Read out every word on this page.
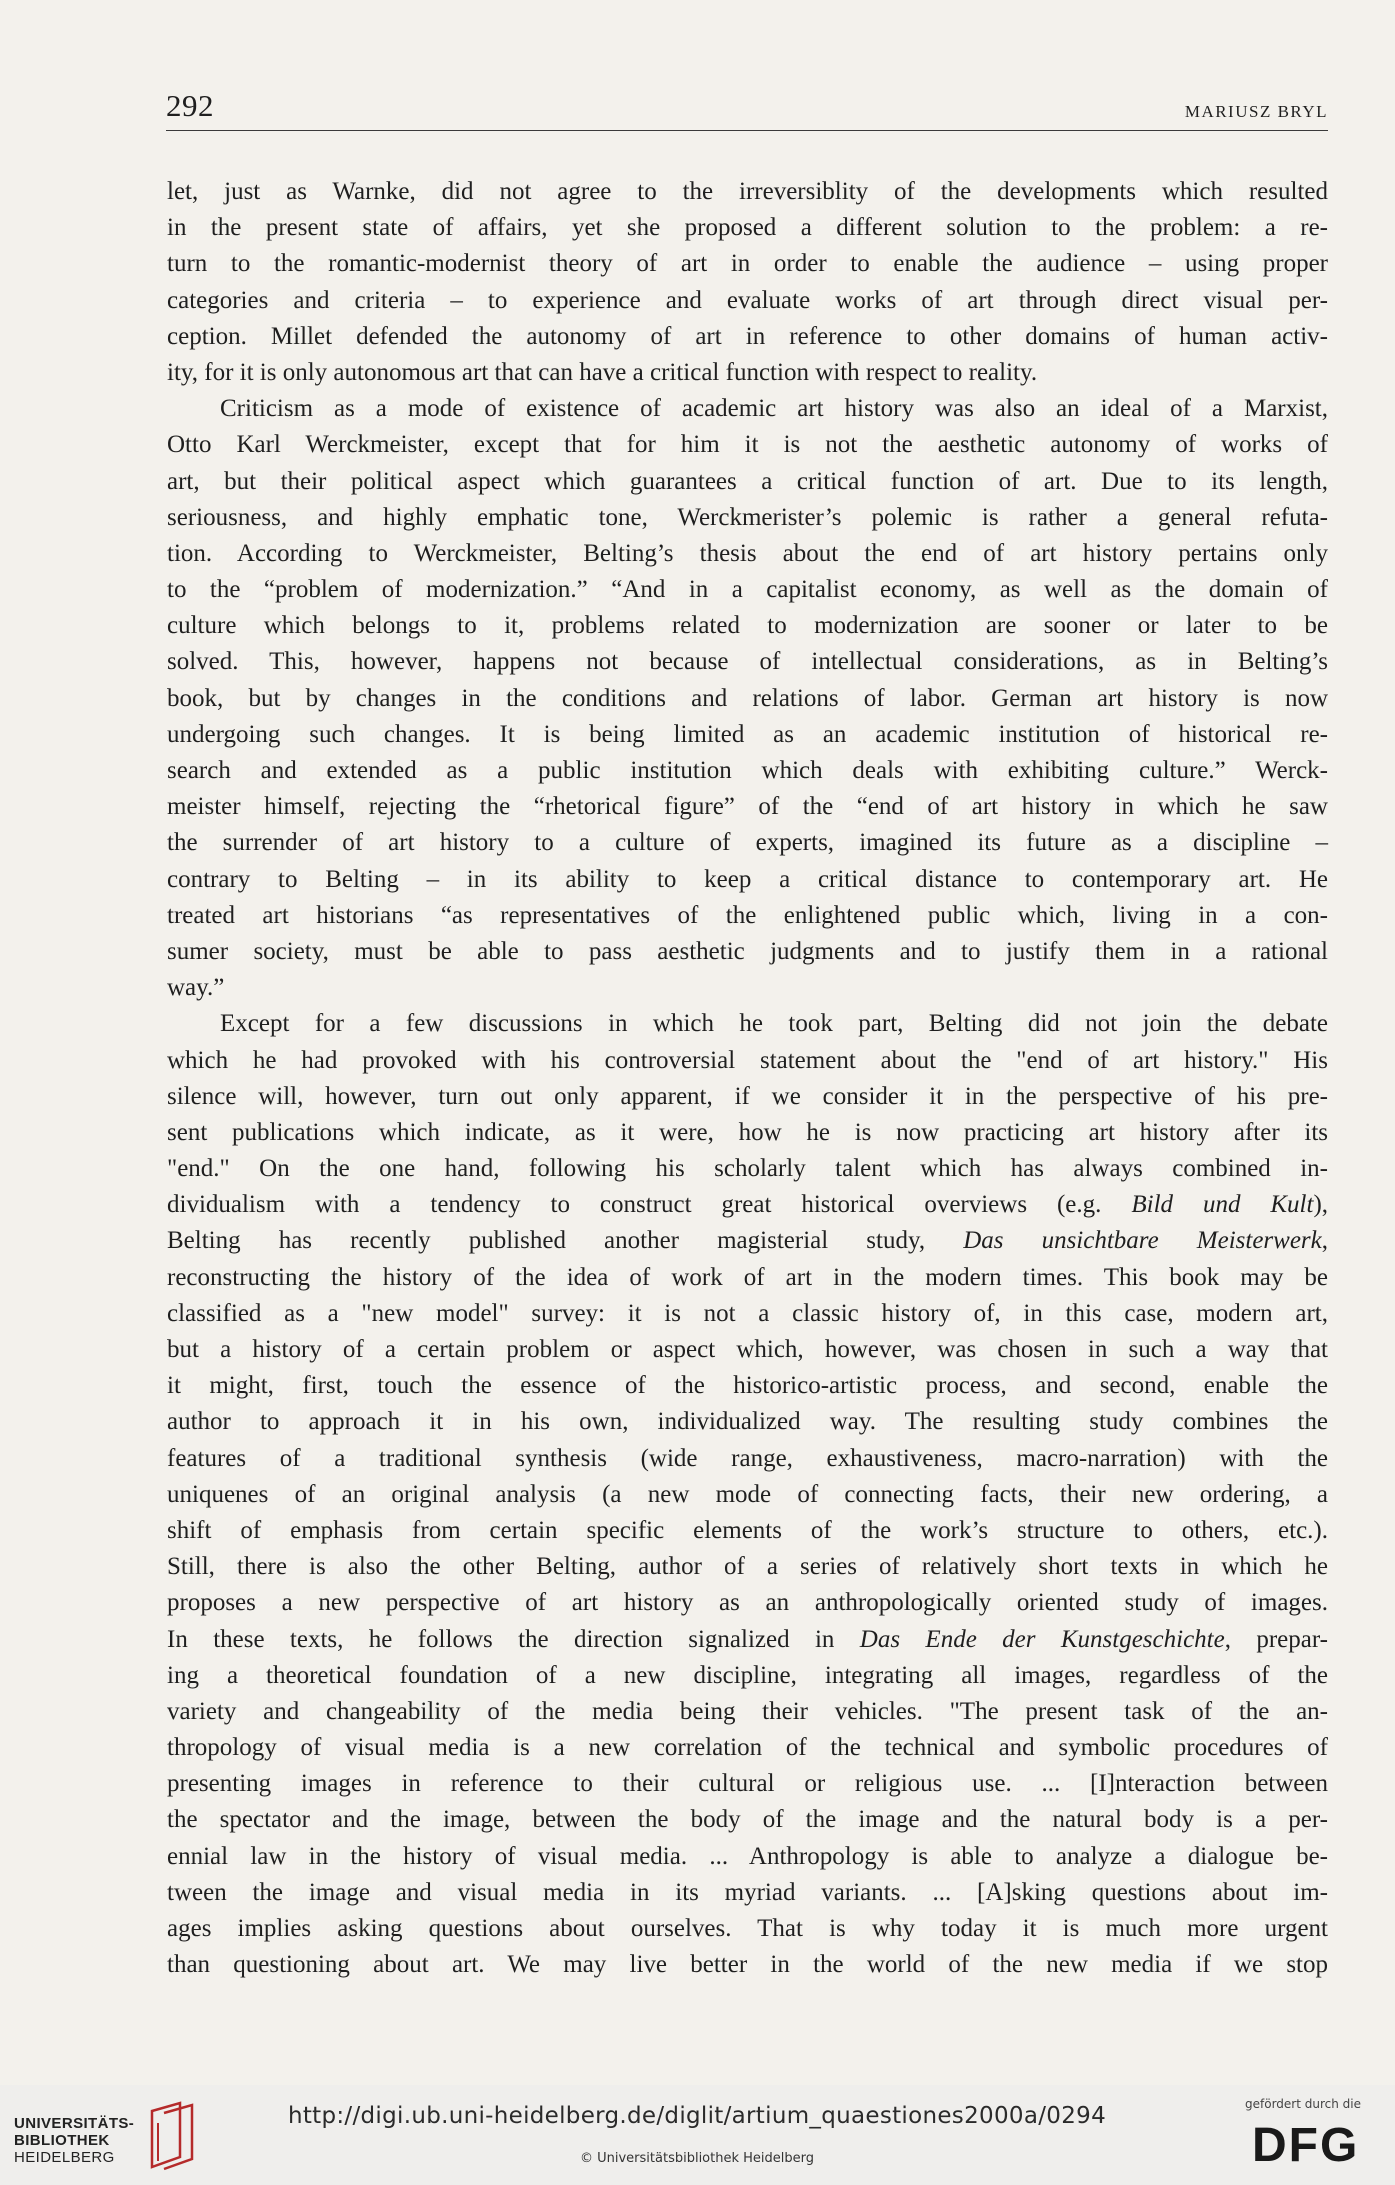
292	MARIUSZ BRYL
let, just as Warnke, did not agree to the irreversiblity of the developments which resulted
in the present state of affairs, yet she proposed a different solution to the problem: a re-
turn to the romantic-modernist theory of art in order to enable the audience – using proper
categories and criteria – to experience and evaluate works of art through direct visual per-
ception. Millet defended the autonomy of art in reference to other domains of human activ-
ity, for it is only autonomous art that can have a critical function with respect to reality.
Criticism as a mode of existence of academic art history was also an ideal of a Marxist,
Otto Karl Werckmeister, except that for him it is not the aesthetic autonomy of works of
art, but their political aspect which guarantees a critical function of art. Due to its length,
seriousness, and highly emphatic tone, Werckmerister’s polemic is rather a general refuta-
tion. According to Werckmeister, Belting’s thesis about the end of art history pertains only
to the “problem of modernization.” “And in a capitalist economy, as well as the domain of
culture which belongs to it, problems related to modernization are sooner or later to be
solved. This, however, happens not because of intellectual considerations, as in Belting’s
book, but by changes in the conditions and relations of labor. German art history is now
undergoing such changes. It is being limited as an academic institution of historical re-
search and extended as a public institution which deals with exhibiting culture.” Werck-
meister himself, rejecting the “rhetorical figure” of the “end of art history in which he saw
the surrender of art history to a culture of experts, imagined its future as a discipline –
contrary to Belting – in its ability to keep a critical distance to contemporary art. He
treated art historians “as representatives of the enlightened public which, living in a con-
sumer society, must be able to pass aesthetic judgments and to justify them in a rational
way.”
Except for a few discussions in which he took part, Belting did not join the debate
which he had provoked with his controversial statement about the "end of art history." His
silence will, however, turn out only apparent, if we consider it in the perspective of his pre-
sent publications which indicate, as it were, how he is now practicing art history after its
"end." On the one hand, following his scholarly talent which has always combined in-
dividualism with a tendency to construct great historical overviews (e.g. Bild und Kult),
Belting has recently published another magisterial study, Das unsichtbare Meisterwerk,
reconstructing the history of the idea of work of art in the modern times. This book may be
classified as a "new model" survey: it is not a classic history of, in this case, modern art,
but a history of a certain problem or aspect which, however, was chosen in such a way that
it might, first, touch the essence of the historico-artistic process, and second, enable the
author to approach it in his own, individualized way. The resulting study combines the
features of a traditional synthesis (wide range, exhaustiveness, macro-narration) with the
uniquenes of an original analysis (a new mode of connecting facts, their new ordering, a
shift of emphasis from certain specific elements of the work’s structure to others, etc.).
Still, there is also the other Belting, author of a series of relatively short texts in which he
proposes a new perspective of art history as an anthropologically oriented study of images.
In these texts, he follows the direction signalized in Das Ende der Kunstgeschichte, prepar-
ing a theoretical foundation of a new discipline, integrating all images, regardless of the
variety and changeability of the media being their vehicles. "The present task of the an-
thropology of visual media is a new correlation of the technical and symbolic procedures of
presenting images in reference to their cultural or religious use. ... [I]nteraction between
the spectator and the image, between the body of the image and the natural body is a per-
ennial law in the history of visual media. ... Anthropology is able to analyze a dialogue be-
tween the image and visual media in its myriad variants. ... [A]sking questions about im-
ages implies asking questions about ourselves. That is why today it is much more urgent
than questioning about art. We may live better in the world of the new media if we stop
UNIVERSITÄTS-
BIBLIOTHEK
HEIDELBERG
http://digi.ub.uni-heidelberg.de/diglit/artium_quaestiones2000a/0294
© Universitätsbibliothek Heidelberg
gefördert durch die
DFG
